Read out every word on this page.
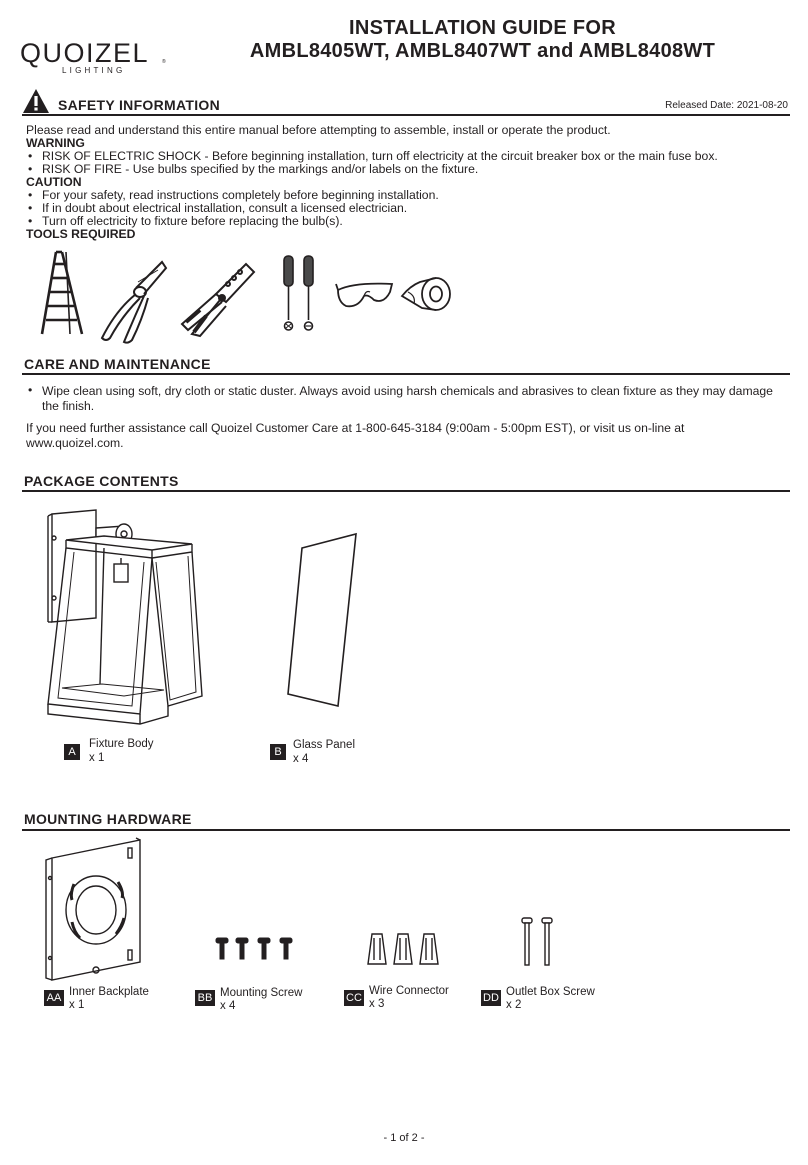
QUOIZEL
LIGHTING
®
INSTALLATION GUIDE FOR
AMBL8405WT, AMBL8407WT and AMBL8408WT
SAFETY INFORMATION	Released Date: 2021-08-20
Please read and understand this entire manual before attempting to assemble, install or operate the product.
WARNING
• RISK OF ELECTRIC SHOCK - Before beginning installation, turn off electricity at the circuit breaker box or the main fuse box.
• RISK OF FIRE - Use bulbs specified by the markings and/or labels on the fixture.
CAUTION
• For your safety, read instructions completely before beginning installation.
• If in doubt about electrical installation, consult a licensed electrician.
• Turn off electricity to fixture before replacing the bulb(s).
TOOLS REQUIRED
CARE AND MAINTENANCE
• Wipe clean using soft, dry cloth or static duster. Always avoid using harsh chemicals and abrasives to clean fixture as they may damage the finish.
If you need further assistance call Quoizel Customer Care at 1-800-645-3184 (9:00am - 5:00pm EST), or visit us on-line at www.quoizel.com.
PACKAGE CONTENTS
A
Fixture Body
x 1	B
Glass Panel
x 4
MOUNTING HARDWARE
AA Inner Backplate
x 1
BB Mounting Screw
x 4
CC
Wire Connector
x 3	DD Outlet Box Screw
x 2
- 1 of 2 -
